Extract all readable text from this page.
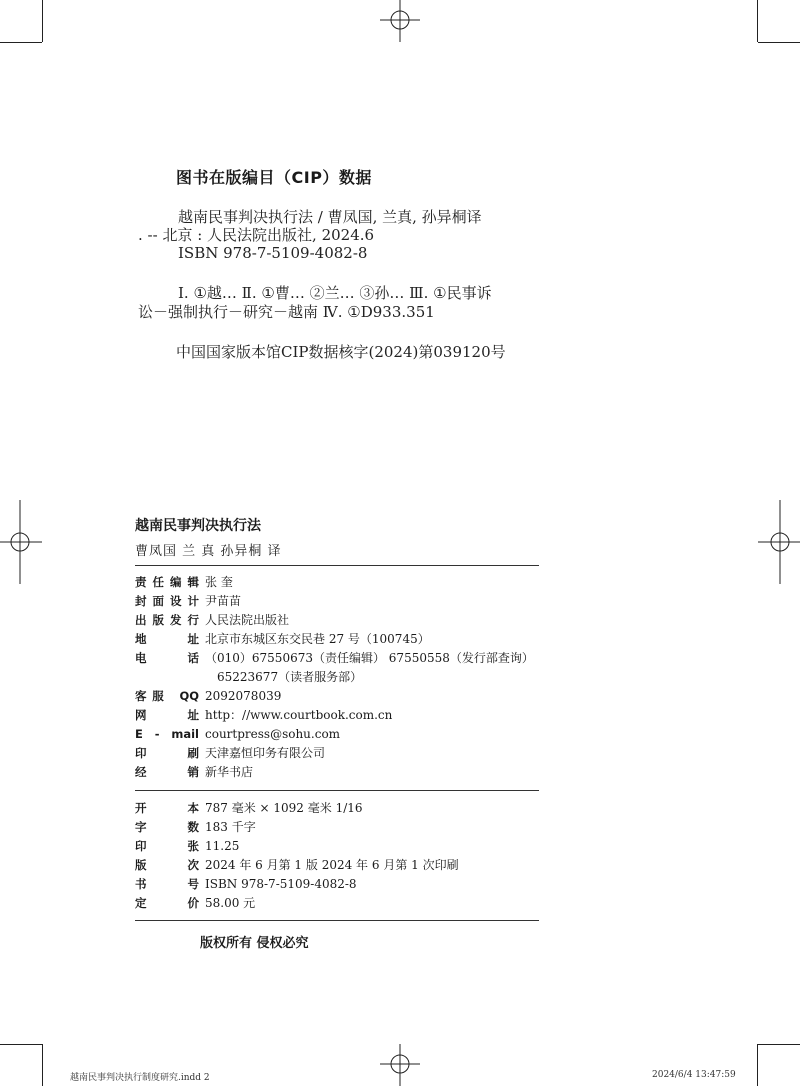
图书在版编目（CIP）数据
越南民事判决执行法 / 曹凤国, 兰真, 孙异桐译
. -- 北京 : 人民法院出版社, 2024.6
ISBN 978-7-5109-4082-8
Ⅰ. ①越… Ⅱ. ①曹… ②兰… ③孙… Ⅲ. ①民事诉
讼－强制执行－研究－越南 Ⅳ. ①D933.351
中国国家版本馆CIP数据核字(2024)第039120号
越南民事判决执行法
曹凤国 兰 真 孙异桐 译
责任编辑 张 奎
封面设计 尹苗苗
出版发行 人民法院出版社
地 址 北京市东城区东交民巷 27 号（100745）
电 话 （010）67550673（责任编辑） 67550558（发行部查询）
65223677（读者服务部）
客服 QQ 2092078039
网 址 http：//www.courtbook.com.cn
E - mail courtpress@sohu.com
印 刷 天津嘉恒印务有限公司
经 销 新华书店
开 本 787 毫米 × 1092 毫米 1/16
字 数 183 千字
印 张 11.25
版 次 2024 年 6 月第 1 版 2024 年 6 月第 1 次印刷
书 号 ISBN 978-7-5109-4082-8
定 价 58.00 元
版权所有 侵权必究
越南民事判决执行制度研究.indd 2	2024/6/4 13:47:59
